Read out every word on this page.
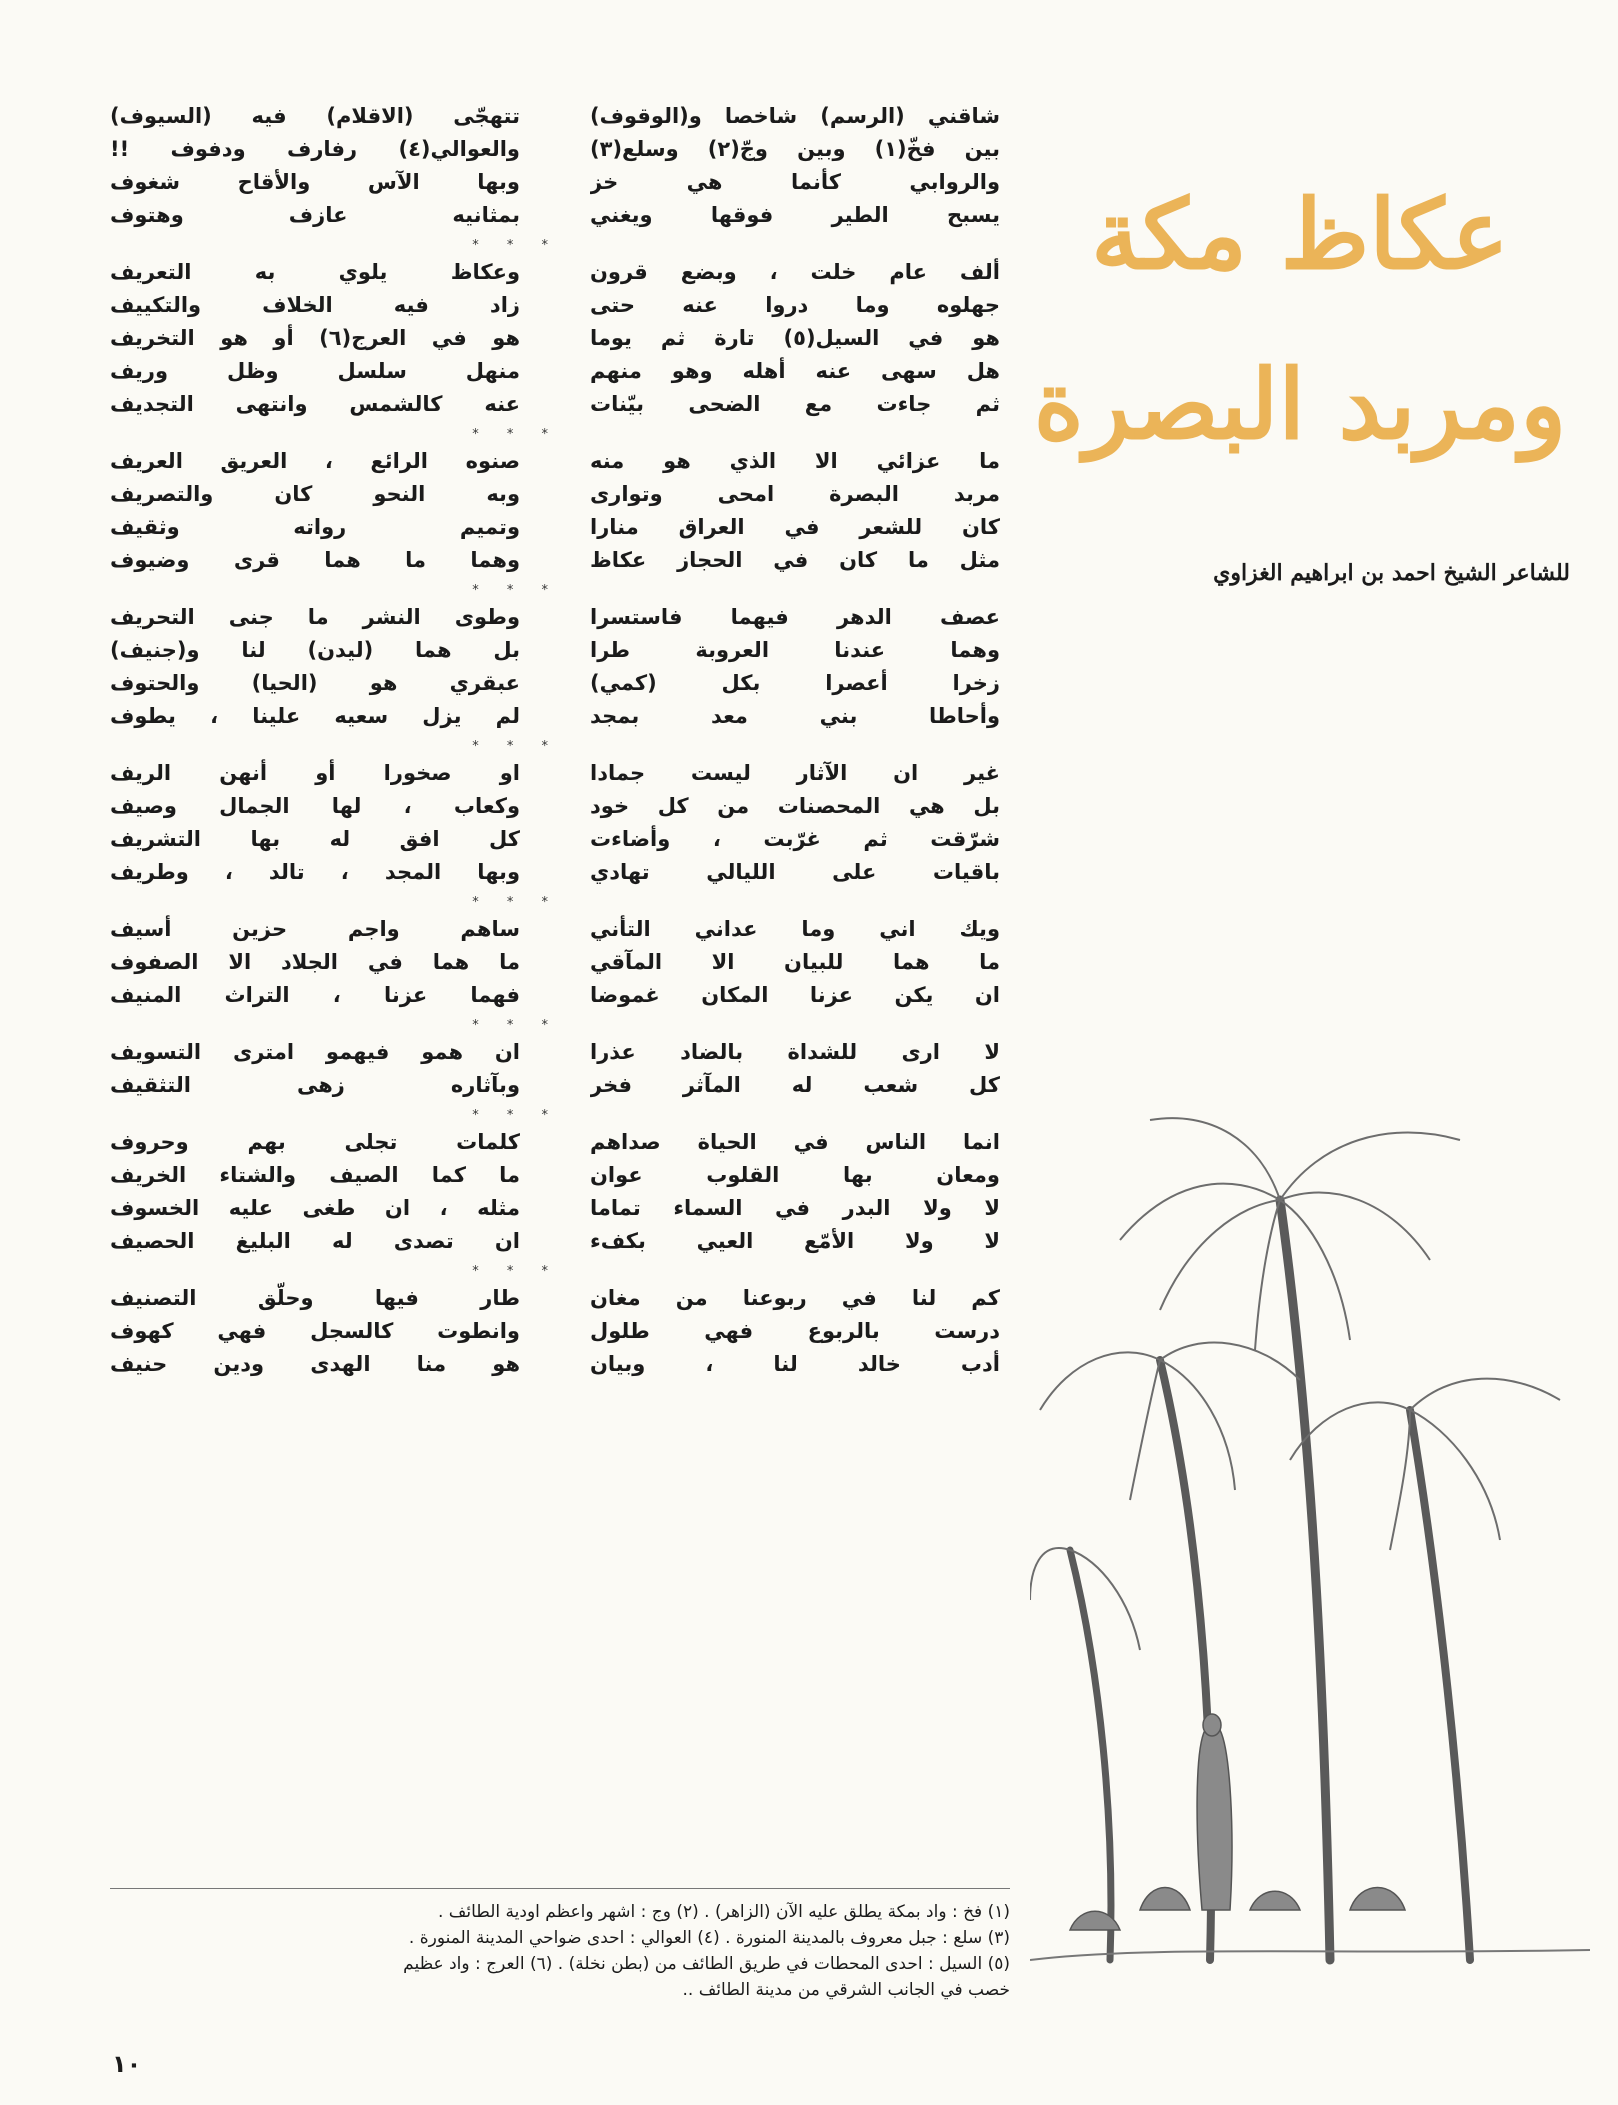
عكاظ مكة
ومربد البصرة
للشاعر الشيخ احمد بن ابراهيم الغزاوي
شاقني (الرسم) شاخصا و(الوقوف)
تتهجّى (الاقلام) فيه (السيوف)
بين فخّ(١) وبين وجّ(٢) وسلع(٣)
والعوالي(٤) رفارف ودفوف !!
والروابي كأنما هي خز
وبها الآس والأقاح شغوف
يسبح الطير فوقها ويغني
بمثانيه عازف وهتوف
* * *
ألف عام خلت ، وبضع قرون
وعكاظ يلوي به التعريف
جهلوه وما دروا عنه حتى
زاد فيه الخلاف والتكييف
هو في السيل(٥) تارة ثم يوما
هو في العرج(٦) أو هو التخريف
هل سهى عنه أهله وهو منهم
منهل سلسل وظل وريف
ثم جاءت مع الضحى بيّنات
عنه كالشمس وانتهى التجديف
* * *
ما عزائي الا الذي هو منه
صنوه الرائع ، العريق العريف
مربد البصرة امحى وتوارى
وبه النحو كان والتصريف
كان للشعر في العراق منارا
وتميم رواته وثقيف
مثل ما كان في الحجاز عكاظ
وهما ما هما قرى وضيوف
* * *
عصف الدهر فيهما فاستسرا
وطوى النشر ما جنى التحريف
وهما عندنا العروبة طرا
بل هما (ليدن) لنا و(جنيف)
زخرا أعصرا بكل (كمي)
عبقري هو (الحيا) والحتوف
وأحاطا بني معد بمجد
لم يزل سعيه علينا ، يطوف
* * *
غير ان الآثار ليست جمادا
او صخورا أو أنهن الريف
بل هي المحصنات من كل خود
وكعاب ، لها الجمال وصيف
شرّقت ثم غرّبت ، وأضاءت
كل افق له بها التشريف
باقيات على الليالي تهادي
وبها المجد ، تالد ، وطريف
* * *
ويك اني وما عداني التأني
ساهم واجم حزين أسيف
ما هما للبيان الا المآقي
ما هما في الجلاد الا الصفوف
ان يكن عزنا المكان غموضا
فهما عزنا ، التراث المنيف
* * *
لا ارى للشداة بالضاد عذرا
ان همو فيهمو امترى التسويف
كل شعب له المآثر فخر
وبآثاره زهى التثقيف
* * *
انما الناس في الحياة صداهم
كلمات تجلى بهم وحروف
ومعان بها القلوب عوان
ما كما الصيف والشتاء الخريف
لا ولا البدر في السماء تماما
مثله ، ان طغى عليه الخسوف
لا ولا الأمّع العيي بكفء
ان تصدى له البليغ الحصيف
* * *
كم لنا في ربوعنا من مغان
طار فيها وحلّق التصنيف
درست بالربوع فهي طلول
وانطوت كالسجل فهي كهوف
أدب خالد لنا ، وبيان
هو منا الهدى ودين حنيف
(١) فخ : واد بمكة يطلق عليه الآن (الزاهر) . (٢) وج : اشهر واعظم اودية الطائف .
(٣) سلع : جبل معروف بالمدينة المنورة . (٤) العوالي : احدى ضواحي المدينة المنورة .
(٥) السيل : احدى المحطات في طريق الطائف من (بطن نخلة) . (٦) العرج : واد عظيم
خصب في الجانب الشرقي من مدينة الطائف ..
١٠
